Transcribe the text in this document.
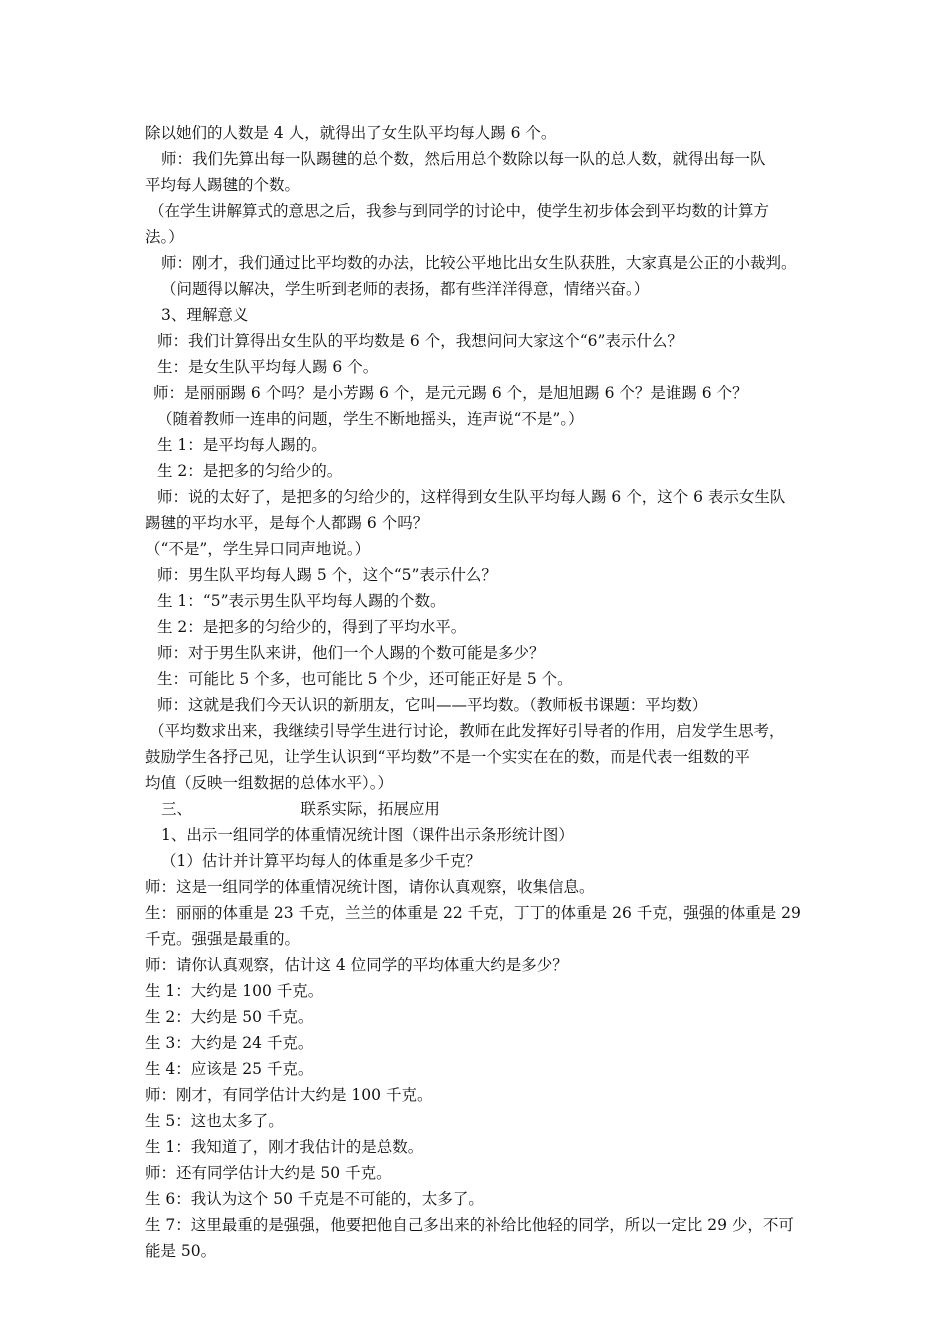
除以她们的人数是 4 人，就得出了女生队平均每人踢 6 个。
师：我们先算出每一队踢毽的总个数，然后用总个数除以每一队的总人数，就得出每一队
平均每人踢毽的个数。
（在学生讲解算式的意思之后，我参与到同学的讨论中，使学生初步体会到平均数的计算方
法。）
师：刚才，我们通过比平均数的办法，比较公平地比出女生队获胜，大家真是公正的小裁判。
（问题得以解决，学生听到老师的表扬，都有些洋洋得意，情绪兴奋。）
3、理解意义
师：我们计算得出女生队的平均数是 6 个，我想问问大家这个“6”表示什么？
生：是女生队平均每人踢 6 个。
师：是丽丽踢 6 个吗？是小芳踢 6 个，是元元踢 6 个，是旭旭踢 6 个？是谁踢 6 个？
（随着教师一连串的问题，学生不断地摇头，连声说“不是”。）
生 1：是平均每人踢的。
生 2：是把多的匀给少的。
师：说的太好了，是把多的匀给少的，这样得到女生队平均每人踢 6 个，这个 6 表示女生队
踢毽的平均水平，是每个人都踢 6 个吗？
（“不是”，学生异口同声地说。）
师：男生队平均每人踢 5 个，这个“5”表示什么？
生 1：“5”表示男生队平均每人踢的个数。
生 2：是把多的匀给少的，得到了平均水平。
师：对于男生队来讲，他们一个人踢的个数可能是多少？
生：可能比 5 个多，也可能比 5 个少，还可能正好是 5 个。
师：这就是我们今天认识的新朋友，它叫——平均数。（教师板书课题：平均数）
（平均数求出来，我继续引导学生进行讨论，教师在此发挥好引导者的作用，启发学生思考，
鼓励学生各抒己见，让学生认识到“平均数”不是一个实实在在的数，而是代表一组数的平
均值（反映一组数据的总体水平）。）
三、                      联系实际，拓展应用
1、出示一组同学的体重情况统计图（课件出示条形统计图）
（1）估计并计算平均每人的体重是多少千克？
师：这是一组同学的体重情况统计图，请你认真观察，收集信息。
生：丽丽的体重是 23 千克，兰兰的体重是 22 千克，丁丁的体重是 26 千克，强强的体重是 29
千克。强强是最重的。
师：请你认真观察，估计这 4 位同学的平均体重大约是多少？
生 1：大约是 100 千克。
生 2：大约是 50 千克。
生 3：大约是 24 千克。
生 4：应该是 25 千克。
师：刚才，有同学估计大约是 100 千克。
生 5：这也太多了。
生 1：我知道了，刚才我估计的是总数。
师：还有同学估计大约是 50 千克。
生 6：我认为这个 50 千克是不可能的，太多了。
生 7：这里最重的是强强，他要把他自己多出来的补给比他轻的同学，所以一定比 29 少，不可
能是 50。
